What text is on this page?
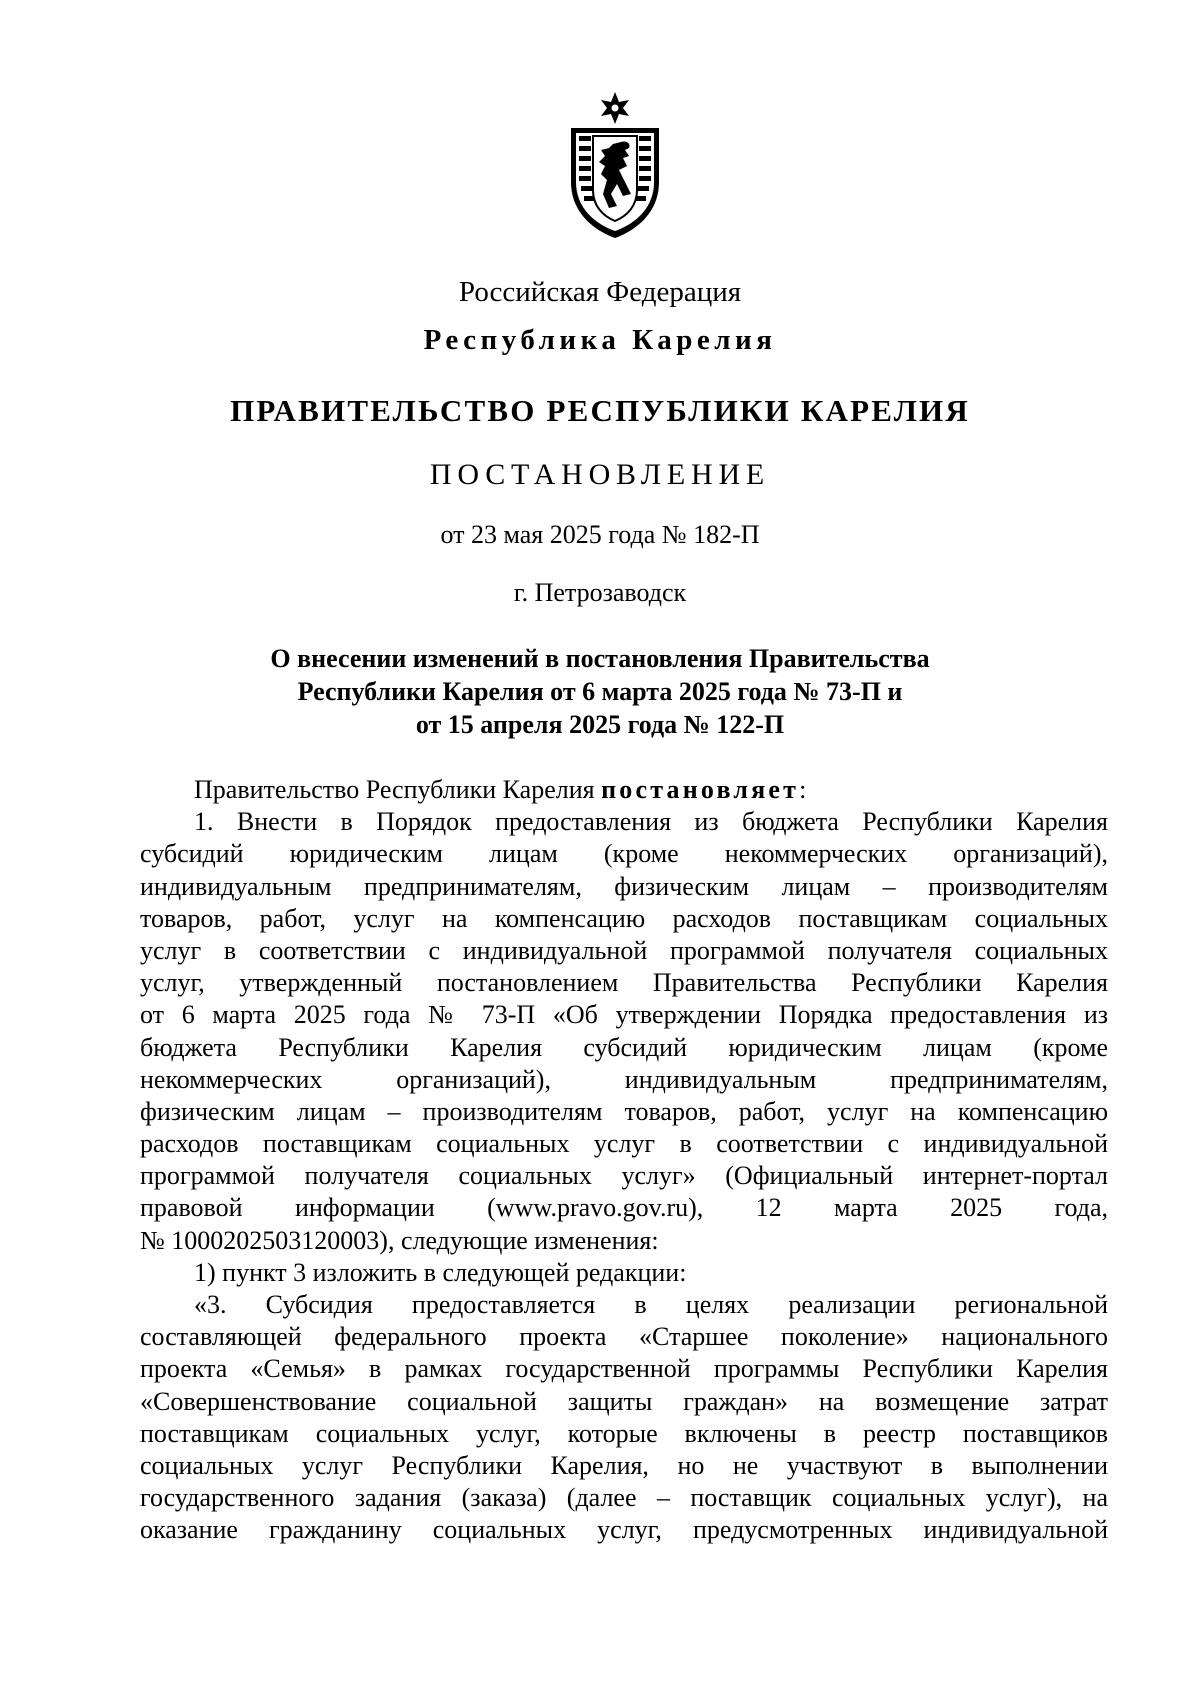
Российская Федерация
Республика Карелия
ПРАВИТЕЛЬСТВО РЕСПУБЛИКИ КАРЕЛИЯ
ПОСТАНОВЛЕНИЕ
от 23 мая 2025 года № 182-П
г. Петрозаводск
О внесении изменений в постановления Правительства
Республики Карелия от 6 марта 2025 года № 73-П и
от 15 апреля 2025 года № 122-П
Правительство Республики Карелия постановляет:
1. Внести в Порядок предоставления из бюджета Республики Карелия
субсидий юридическим лицам (кроме некоммерческих организаций),
индивидуальным предпринимателям, физическим лицам – производителям
товаров, работ, услуг на компенсацию расходов поставщикам социальных
услуг в соответствии с индивидуальной программой получателя социальных
услуг, утвержденный постановлением Правительства Республики Карелия
от 6 марта 2025 года № 73-П «Об утверждении Порядка предоставления из
бюджета Республики Карелия субсидий юридическим лицам (кроме
некоммерческих организаций), индивидуальным предпринимателям,
физическим лицам – производителям товаров, работ, услуг на компенсацию
расходов поставщикам социальных услуг в соответствии с индивидуальной
программой получателя социальных услуг» (Официальный интернет-портал
правовой информации (www.pravo.gov.ru), 12 марта 2025 года,
№ 1000202503120003), следующие изменения:
1) пункт 3 изложить в следующей редакции:
«3. Субсидия предоставляется в целях реализации региональной
составляющей федерального проекта «Старшее поколение» национального
проекта «Семья» в рамках государственной программы Республики Карелия
«Совершенствование социальной защиты граждан» на возмещение затрат
поставщикам социальных услуг, которые включены в реестр поставщиков
социальных услуг Республики Карелия, но не участвуют в выполнении
государственного задания (заказа) (далее – поставщик социальных услуг), на
оказание гражданину социальных услуг, предусмотренных индивидуальной
